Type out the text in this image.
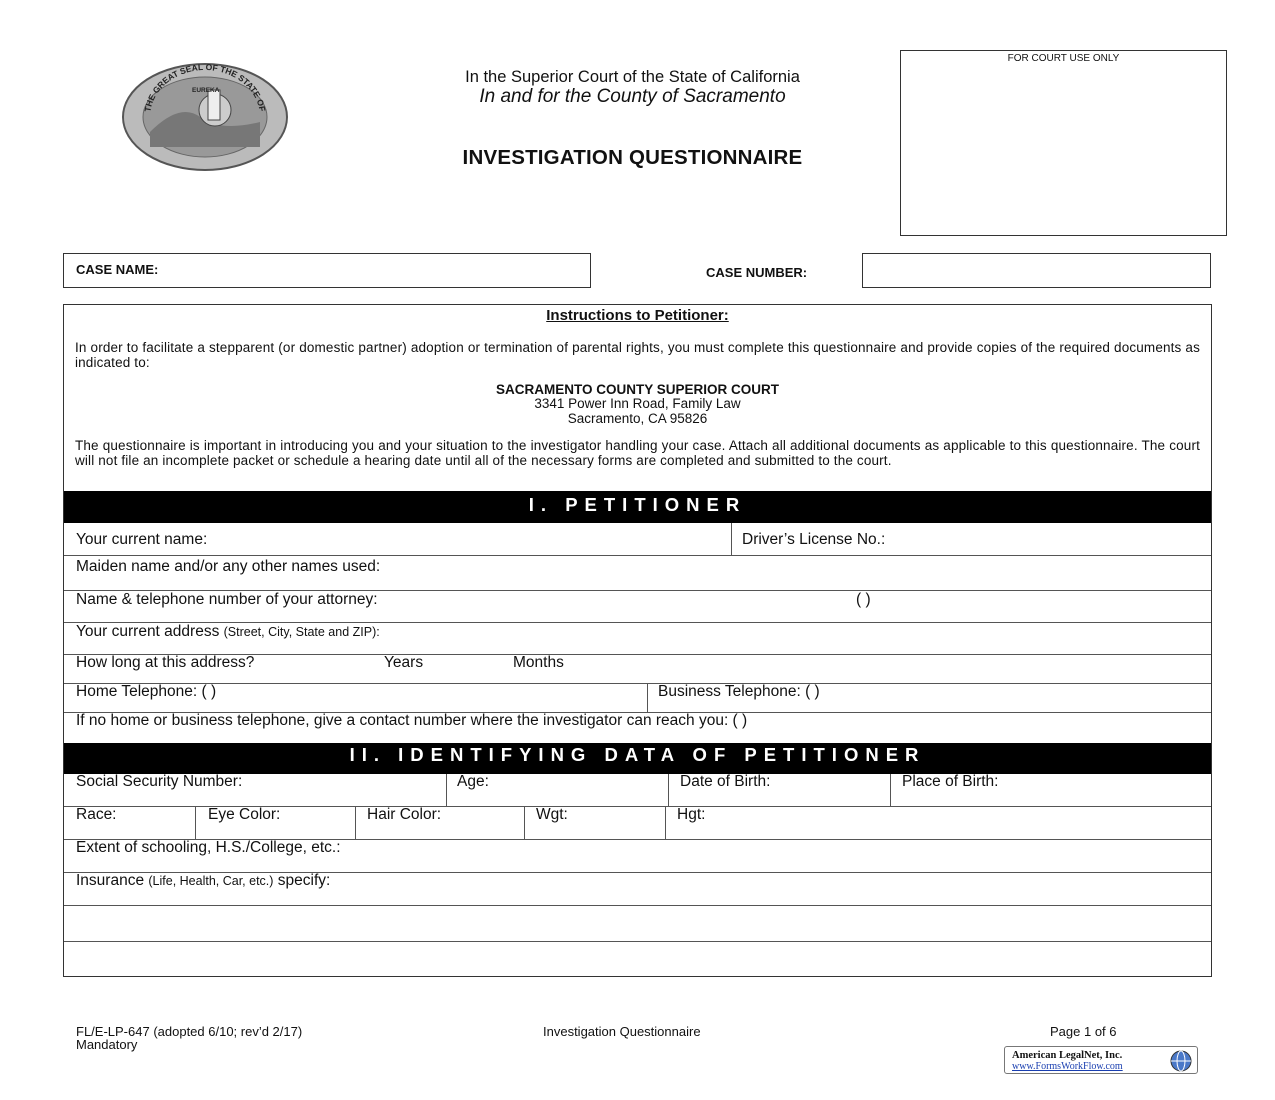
THE GREAT SEAL OF THE STATE OF
EUREKA
In the Superior Court of the State of California
In and for the County of Sacramento
INVESTIGATION QUESTIONNAIRE
FOR COURT USE ONLY
CASE NAME:	CASE NUMBER:
Instructions to Petitioner:
In order to facilitate a stepparent (or domestic partner) adoption or termination of parental rights, you must complete this questionnaire and provide copies of the required documents as indicated to:
SACRAMENTO COUNTY SUPERIOR COURT
3341 Power Inn Road, Family Law
Sacramento, CA 95826
The questionnaire is important in introducing you and your situation to the investigator handling your case. Attach all additional documents as applicable to this questionnaire. The court will not file an incomplete packet or schedule a hearing date until all of the necessary forms are completed and submitted to the court.
I. PETITIONER
Your current name:	Driver’s License No.:
Maiden name and/or any other names used:
Name & telephone number of your attorney:	( )
Your current address (Street, City, State and ZIP):
How long at this address?	Years	Months
Home Telephone: ( )	Business Telephone: ( )
If no home or business telephone, give a contact number where the investigator can reach you: ( )
II. IDENTIFYING DATA OF PETITIONER
Social Security Number:	Age:	Date of Birth:	Place of Birth:
Race:	Eye Color:	Hair Color:	Wgt:	Hgt:
Extent of schooling, H.S./College, etc.:
Insurance (Life, Health, Car, etc.) specify:
FL/E-LP-647 (adopted 6/10; rev’d 2/17)
Mandatory
Investigation Questionnaire	Page 1 of 6
American LegalNet, Inc.
www.FormsWorkFlow.com
